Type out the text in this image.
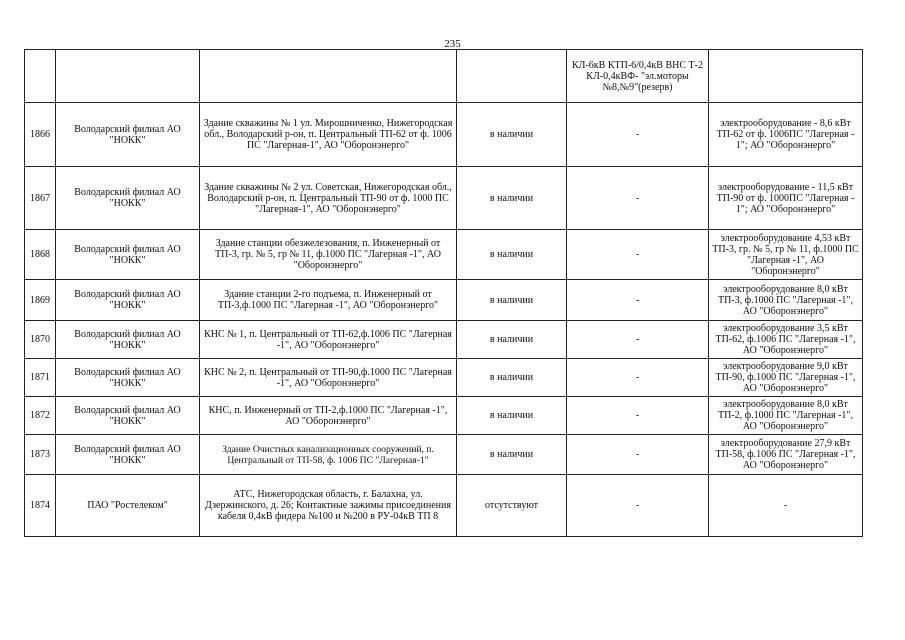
235
				КЛ-6кВ КТП-6/0,4кВ ВНС Т-2 КЛ-0,4кВФ- "эл.моторы №8,№9"(резерв)	
1866	Володарский филиал АО "НОКК"	Здание скважины № 1 ул. Мирошниченко, Нижегородская обл., Володарский р-он, п. Центральный ТП-62 от ф. 1006 ПС "Лагерная-1", АО "Оборонэнерго"	в наличии	-	электрооборудование - 8,6 кВт ТП-62 от ф. 1006ПС "Лагерная - 1"; АО "Оборонэнерго"
1867	Володарский филиал АО "НОКК"	Здание скважины № 2 ул. Советская, Нижегородская обл., Володарский р-он, п. Центральный ТП-90 от ф. 1000 ПС "Лагерная-1", АО "Оборонэнерго"	в наличии	-	электрооборудование - 11,5 кВт ТП-90 от ф. 1000ПС "Лагерная - 1"; АО "Оборонэнерго"
1868	Володарский филиал АО "НОКК"	Здание станции обезжелезования, п. Инженерный от ТП-3, гр. № 5, гр № 11, ф.1000 ПС "Лагерная -1", АО "Оборонэнерго"	в наличии	-	электрооборудование 4,53 кВт ТП-3, гр. № 5, гр № 11, ф.1000 ПС "Лагерная -1", АО "Оборонэнерго"
1869	Володарский филиал АО "НОКК"	Здание станции 2-го подъема, п. Инженерный от ТП-3,ф.1000 ПС "Лагерная -1", АО "Оборонэнерго"	в наличии	-	электрооборудование 8,0 кВт ТП-3, ф.1000 ПС "Лагерная -1", АО "Оборонэнерго"
1870	Володарский филиал АО "НОКК"	КНС № 1, п. Центральный от ТП-62,ф.1006 ПС "Лагерная -1", АО "Оборонэнерго"	в наличии	-	электрооборудование 3,5 кВт ТП-62, ф.1006 ПС "Лагерная -1", АО "Оборонэнерго"
1871	Володарский филиал АО "НОКК"	КНС № 2, п. Центральный от ТП-90,ф.1000 ПС "Лагерная -1", АО "Оборонэнерго"	в наличии	-	электрооборудование 9,0 кВт ТП-90, ф.1000 ПС "Лагерная -1", АО "Оборонэнерго"
1872	Володарский филиал АО "НОКК"	КНС, п. Инженерный от ТП-2,ф.1000 ПС "Лагерная -1", АО "Оборонэнерго"	в наличии	-	электрооборудование 8,0 кВт ТП-2, ф.1000 ПС "Лагерная -1", АО "Оборонэнерго"
1873	Володарский филиал АО "НОКК"	Здание Очистных канализационных сооружений, п. Центральный от ТП-58, ф. 1006 ПС "Лагерная-1"	в наличии	-	электрооборудование 27,9 кВт ТП-58, ф.1006 ПС "Лагерная -1", АО "Оборонэнерго"
1874	ПАО "Ростелеком"	АТС, Нижегородская область, г. Балахна, ул. Дзержинского, д. 26; Контактные зажимы присоединения кабеля 0,4кВ фидера №100 и №200 в РУ-04кВ ТП 8	отсутствуют	-	-
